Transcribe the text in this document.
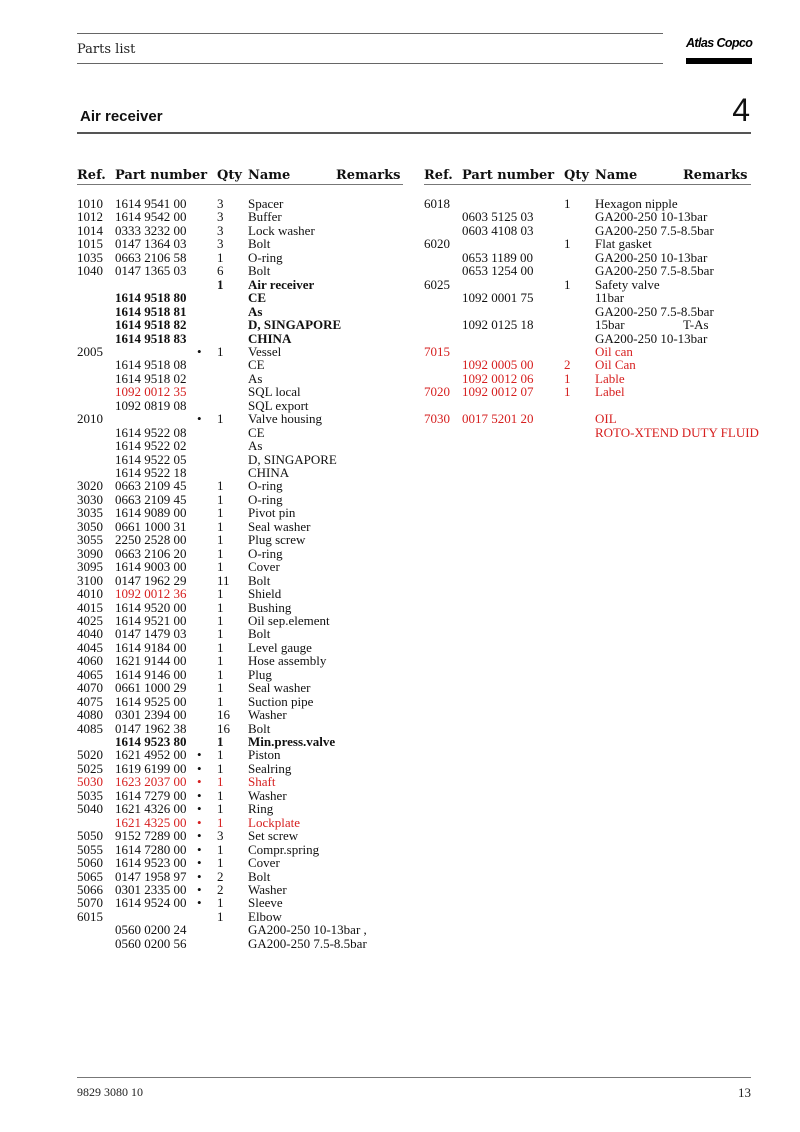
Parts list	Atlas Copco
Air receiver	4
Ref. Part number Qty Name	Remarks Ref. Part number Qty Name	Remarks
1010 1614 9541 00 3 Spacer
1012 1614 9542 00 3 Buffer
1014 0333 3232 00 3 Lock washer
1015 0147 1364 03 3 Bolt
1035 0663 2106 58 1 O-ring
1040 0147 1365 03 6 Bolt
1 Air receiver
1614 9518 80	CE
1614 9518 81	As
1614 9518 82	D, SINGAPORE
1614 9518 83	CHINA
2005	• 1 Vessel
1614 9518 08	CE
1614 9518 02	As
1092 0012 35	SQL local
1092 0819 08	SQL export
2010	• 1 Valve housing
1614 9522 08	CE
1614 9522 02	As
1614 9522 05	D, SINGAPORE
1614 9522 18	CHINA
3020 0663 2109 45 1 O-ring
3030 0663 2109 45 1 O-ring
3035 1614 9089 00 1 Pivot pin
3050 0661 1000 31 1 Seal washer
3055 2250 2528 00 1 Plug screw
3090 0663 2106 20 1 O-ring
3095 1614 9003 00 1 Cover
3100 0147 1962 29 11 Bolt
4010 1092 0012 36 1 Shield
4015 1614 9520 00 1 Bushing
4025 1614 9521 00 1 Oil sep.element
4040 0147 1479 03 1 Bolt
4045 1614 9184 00 1 Level gauge
4060 1621 9144 00 1 Hose assembly
4065 1614 9146 00 1 Plug
4070 0661 1000 29 1 Seal washer
4075 1614 9525 00 1 Suction pipe
4080 0301 2394 00 16 Washer
4085 0147 1962 38 16 Bolt
1614 9523 80 1 Min.press.valve
5020 1621 4952 00 • 1 Piston
5025 1619 6199 00 • 1 Sealring
5030 1623 2037 00 • 1 Shaft
5035 1614 7279 00 • 1 Washer
5040 1621 4326 00 • 1 Ring
1621 4325 00 • 1 Lockplate
5050 9152 7289 00 • 3 Set screw
5055 1614 7280 00 • 1 Compr.spring
5060 1614 9523 00 • 1 Cover
5065 0147 1958 97 • 2 Bolt
5066 0301 2335 00 • 2 Washer
5070 1614 9524 00 • 1 Sleeve
6015	1 Elbow
0560 0200 24	GA200-250 10-13bar ,
0560 0200 56	GA200-250 7.5-8.5bar
6018	1 Hexagon nipple
0603 5125 03	GA200-250 10-13bar
0603 4108 03	GA200-250 7.5-8.5bar
6020	1 Flat gasket
0653 1189 00	GA200-250 10-13bar
0653 1254 00	GA200-250 7.5-8.5bar
6025	1 Safety valve
1092 0001 75	11bar
GA200-250 7.5-8.5bar
1092 0125 18	15bar	T-As
GA200-250 10-13bar
7015	Oil can
1092 0005 00 2 Oil Can
1092 0012 06 1 Lable
7020 1092 0012 07 1 Label
7030 0017 5201 20	OIL
ROTO-XTEND DUTY FLUID
9829 3080 10	13
